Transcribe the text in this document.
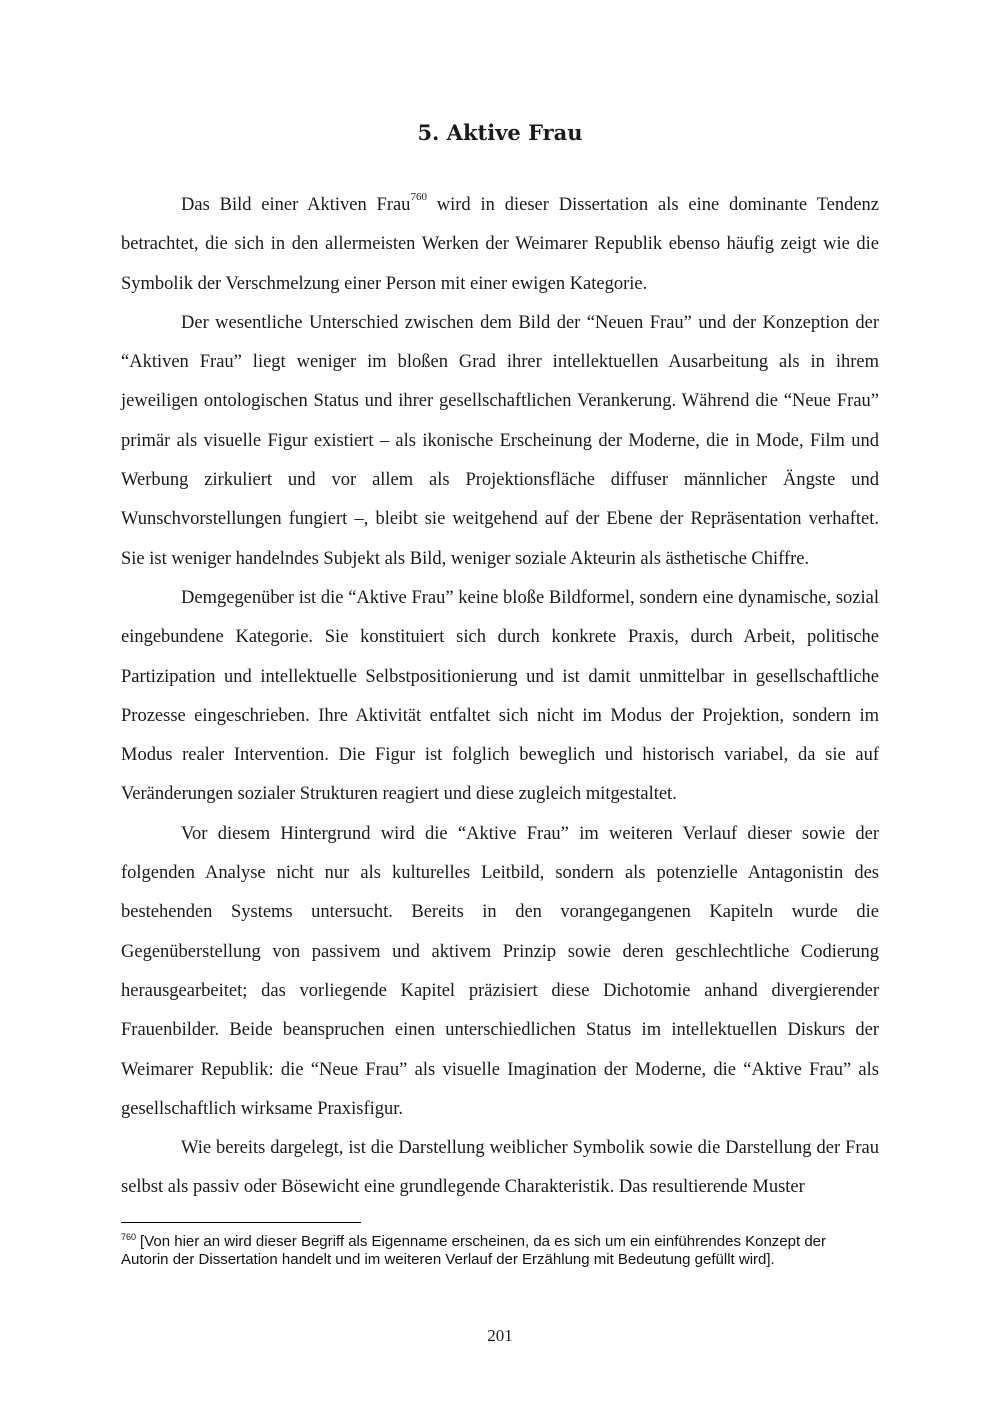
5. Aktive Frau

Das Bild einer Aktiven Frau$^{760}$ wird in dieser Dissertation als eine dominante Tendenz betrachtet, die sich in den allermeisten Werken der Weimarer Republik ebenso häufig zeigt wie die Symbolik der Verschmelzung einer Person mit einer ewigen Kategorie.

Der wesentliche Unterschied zwischen dem Bild der “Neuen Frau” und der Konzeption der “Aktiven Frau” liegt weniger im bloßen Grad ihrer intellektuellen Ausarbeitung als in ihrem jeweiligen ontologischen Status und ihrer gesellschaftlichen Verankerung. Während die “Neue Frau” primär als visuelle Figur existiert – als ikonische Erscheinung der Moderne, die in Mode, Film und Werbung zirkuliert und vor allem als Projektionsfläche diffuser männlicher Ängste und Wunschvorstellungen fungiert –, bleibt sie weitgehend auf der Ebene der Repräsentation verhaftet. Sie ist weniger handelndes Subjekt als Bild, weniger soziale Akteurin als ästhetische Chiffre.

Demgegenüber ist die “Aktive Frau” keine bloße Bildformel, sondern eine dynamische, sozial eingebundene Kategorie. Sie konstituiert sich durch konkrete Praxis, durch Arbeit, politische Partizipation und intellektuelle Selbstpositionierung und ist damit unmittelbar in gesellschaftliche Prozesse eingeschrieben. Ihre Aktivität entfaltet sich nicht im Modus der Projektion, sondern im Modus realer Intervention. Die Figur ist folglich beweglich und historisch variabel, da sie auf Veränderungen sozialer Strukturen reagiert und diese zugleich mitgestaltet.

Vor diesem Hintergrund wird die “Aktive Frau” im weiteren Verlauf dieser sowie der folgenden Analyse nicht nur als kulturelles Leitbild, sondern als potenzielle Antagonistin des bestehenden Systems untersucht. Bereits in den vorangegangenen Kapiteln wurde die Gegenüberstellung von passivem und aktivem Prinzip sowie deren geschlechtliche Codierung herausgearbeitet; das vorliegende Kapitel präzisiert diese Dichotomie anhand divergierender Frauenbilder. Beide beanspruchen einen unterschiedlichen Status im intellektuellen Diskurs der Weimarer Republik: die “Neue Frau” als visuelle Imagination der Moderne, die “Aktive Frau” als gesellschaftlich wirksame Praxisfigur.

Wie bereits dargelegt, ist die Darstellung weiblicher Symbolik sowie die Darstellung der Frau selbst als passiv oder Bösewicht eine grundlegende Charakteristik. Das resultierende Muster

$^{760}$ [Von hier an wird dieser Begriff als Eigenname erscheinen, da es sich um ein einführendes Konzept der Autorin der Dissertation handelt und im weiteren Verlauf der Erzählung mit Bedeutung gefüllt wird].
201
